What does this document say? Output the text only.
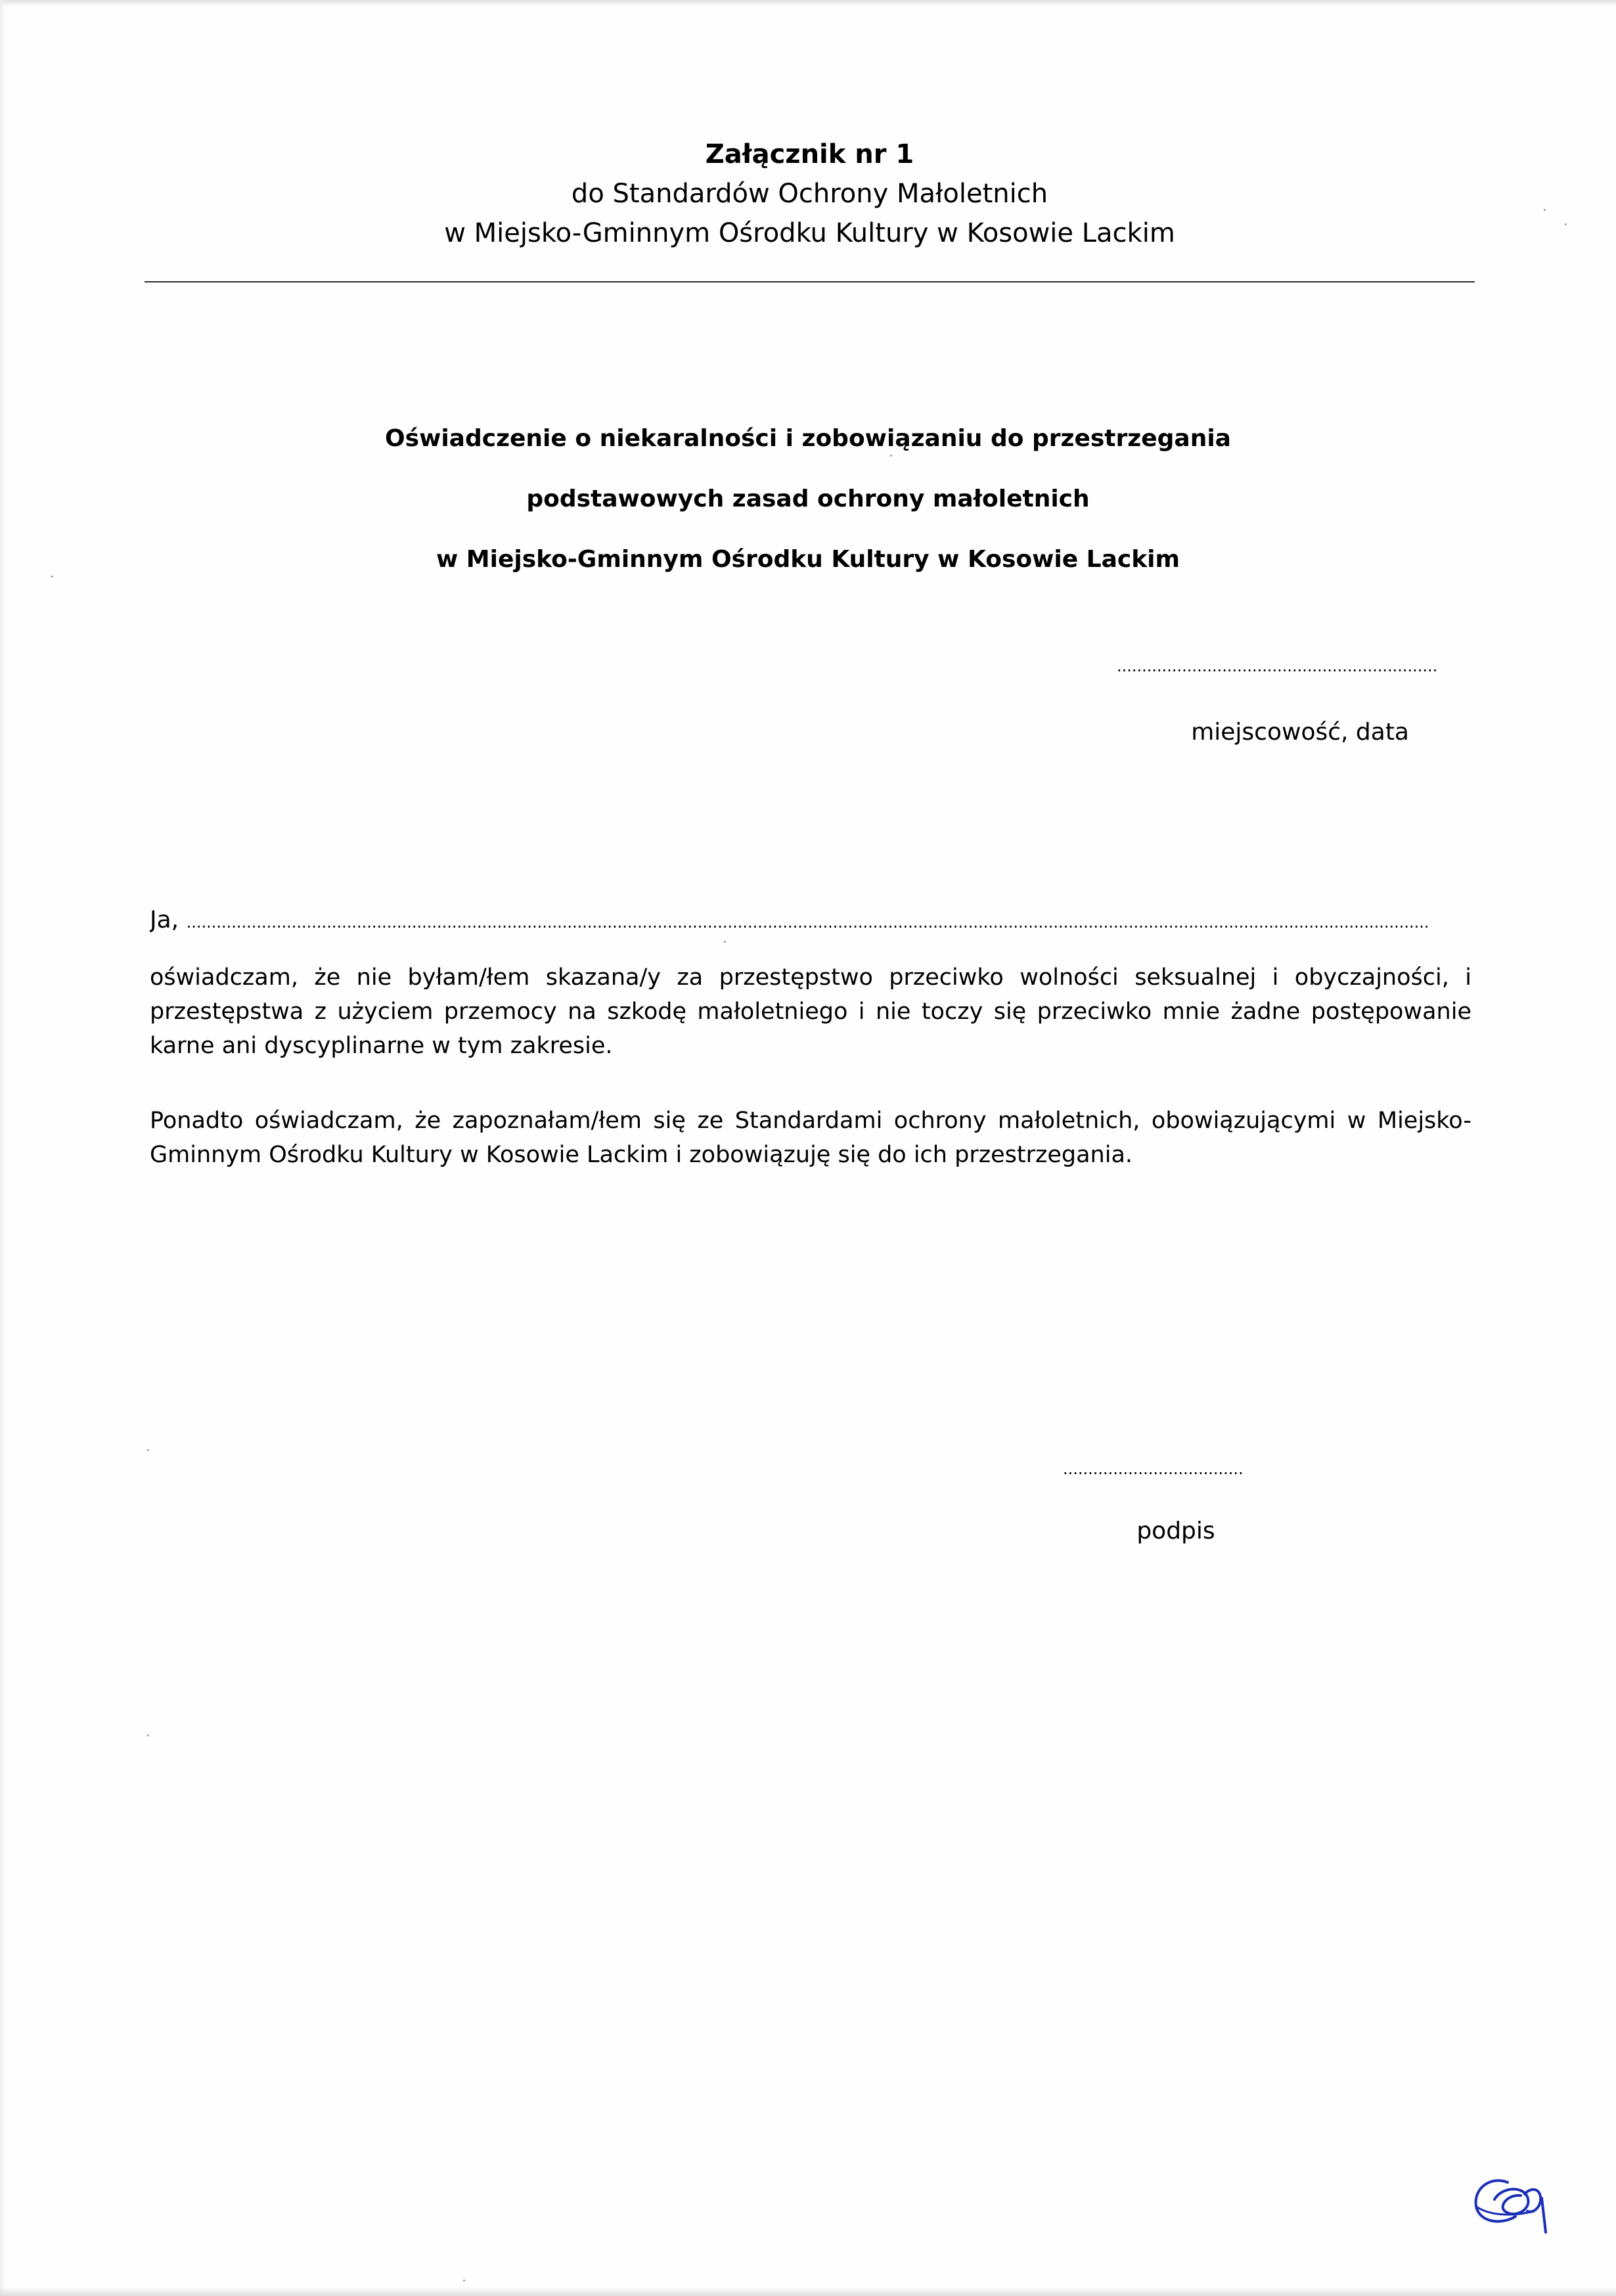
Załącznik nr 1
do Standardów Ochrony Małoletnich
w Miejsko-Gminnym Ośrodku Kultury w Kosowie Lackim
Oświadczenie o niekaralności i zobowiązaniu do przestrzegania
podstawowych zasad ochrony małoletnich
w Miejsko-Gminnym Ośrodku Kultury w Kosowie Lackim
................................................................
miejscowość, data
Ja, ........................................................................................................................................................................................................................................................
oświadczam, że nie byłam/łem skazana/y za przestępstwo przeciwko wolności seksualnej i obyczajności, i przestępstwa z użyciem przemocy na szkodę małoletniego i nie toczy się przeciwko mnie żadne postępowanie karne ani dyscyplinarne w tym zakresie.
Ponadto oświadczam, że zapoznałam/łem się ze Standardami ochrony małoletnich, obowiązującymi w Miejsko-Gminnym Ośrodku Kultury w Kosowie Lackim i zobowiązuję się do ich przestrzegania.
....................................
podpis
